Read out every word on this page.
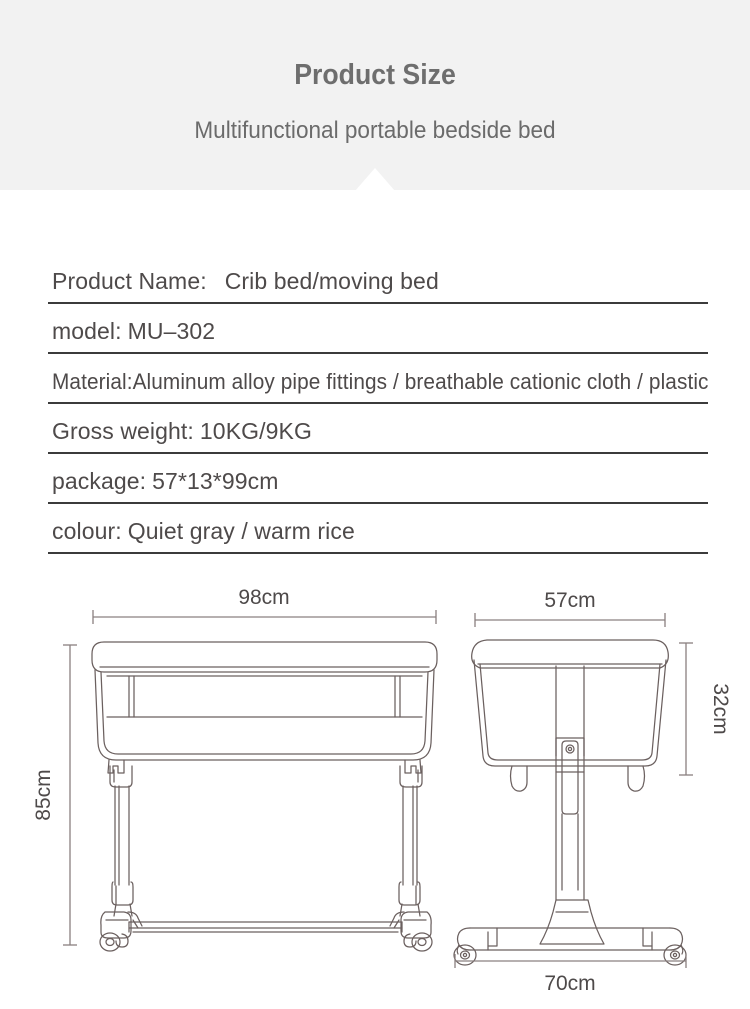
Product Size
Multifunctional portable bedside bed
Product Name: Crib bed/moving bed
model: MU–302
Material:Aluminum alloy pipe fittings / breathable cationic cloth / plastic
Gross weight: 10KG/9KG
package: 57*13*99cm
colour: Quiet gray / warm rice
98cm
85cm
57cm
32cm
70cm
